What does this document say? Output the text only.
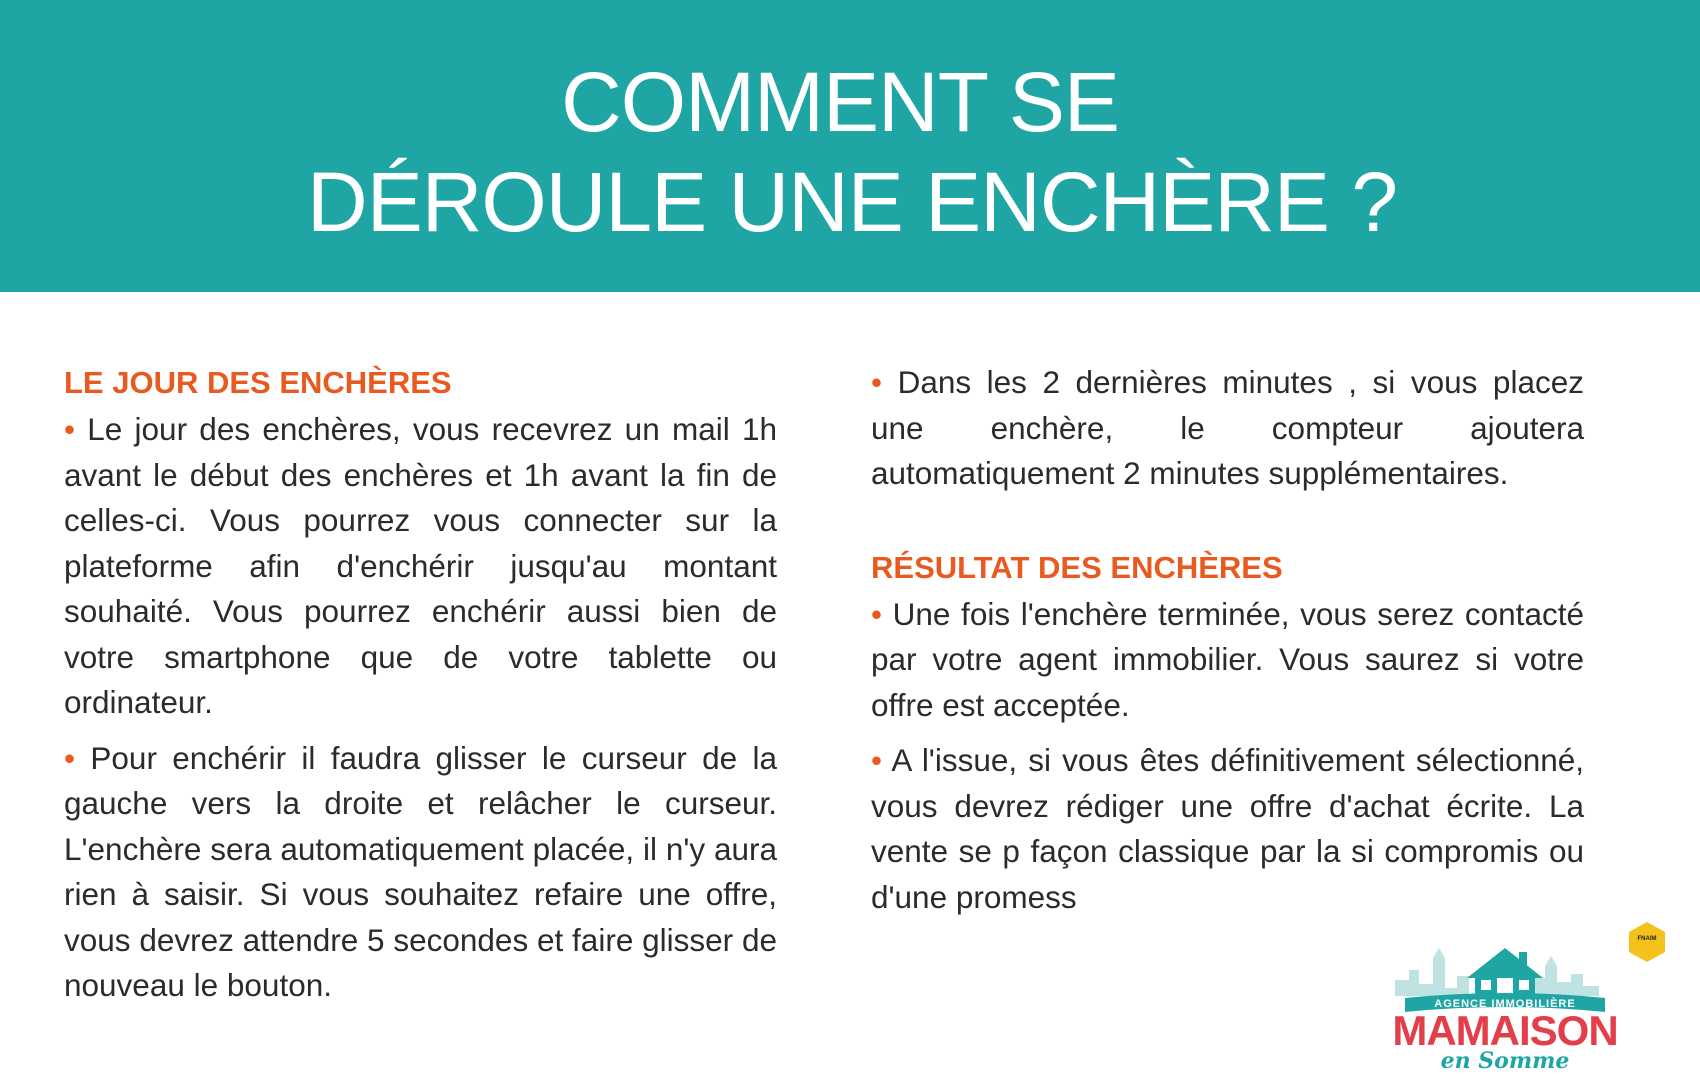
COMMENT SE
DÉROULE UNE ENCHÈRE ?
LE JOUR DES ENCHÈRES

• Le jour des enchères, vous recevrez un mail 1h avant le début des enchères et 1h avant la fin de celles-ci. Vous pourrez vous connecter sur la plateforme afin d'enchérir jusqu'au montant souhaité. Vous pourrez enchérir aussi bien de votre smartphone que de votre tablette ou ordinateur.

• Pour enchérir il faudra glisser le curseur de la gauche vers la droite et relâcher le curseur. L'enchère sera automatiquement placée, il n'y aura rien à saisir. Si vous souhaitez refaire une offre, vous devrez attendre 5 secondes et faire glisser de nouveau le bouton.

• Dans les 2 dernières minutes , si vous placez une enchère, le compteur ajoutera automatiquement 2 minutes supplémentaires.

RÉSULTAT DES ENCHÈRES

• Une fois l'enchère terminée, vous serez contacté par votre agent immobilier. Vous saurez si votre offre est acceptée.

• A l'issue, si vous êtes définitivement sélectionné, vous devrez rédiger une offre d'achat écrite. La vente se p façon classique par la si compromis ou d'une promess

AGENCE IMMOBILIÈRE
MAMAISON
en Somme
FNAIM
